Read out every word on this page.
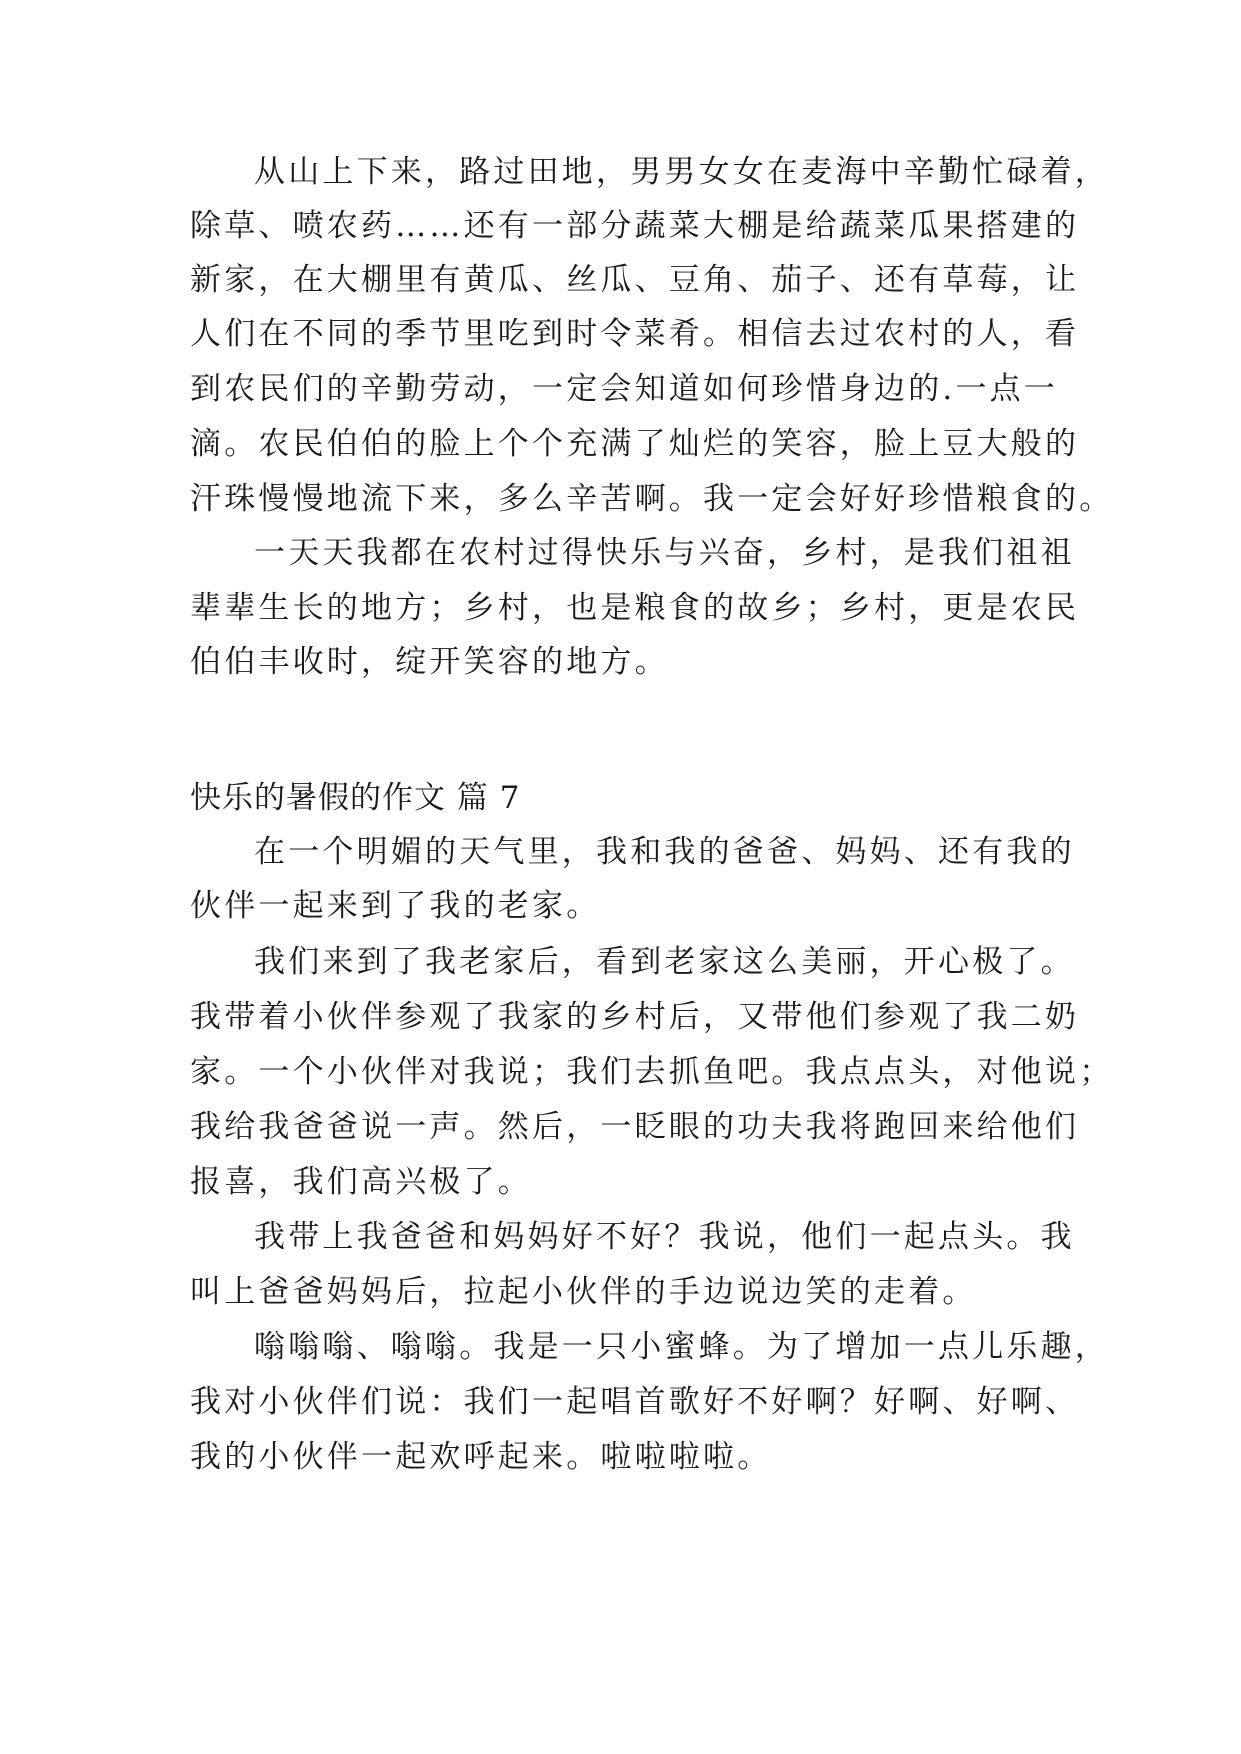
从山上下来，路过田地，男男女女在麦海中辛勤忙碌着，
除草、喷农药……还有一部分蔬菜大棚是给蔬菜瓜果搭建的
新家，在大棚里有黄瓜、丝瓜、豆角、茄子、还有草莓，让
人们在不同的季节里吃到时令菜肴。相信去过农村的人，看
到农民们的辛勤劳动，一定会知道如何珍惜身边的.一点一
滴。农民伯伯的脸上个个充满了灿烂的笑容，脸上豆大般的
汗珠慢慢地流下来，多么辛苦啊。我一定会好好珍惜粮食的。
一天天我都在农村过得快乐与兴奋，乡村，是我们祖祖
辈辈生长的地方；乡村，也是粮食的故乡；乡村，更是农民
伯伯丰收时，绽开笑容的地方。
快乐的暑假的作文 篇 7
在一个明媚的天气里，我和我的爸爸、妈妈、还有我的
伙伴一起来到了我的老家。
我们来到了我老家后，看到老家这么美丽，开心极了。
我带着小伙伴参观了我家的乡村后，又带他们参观了我二奶
家。一个小伙伴对我说；我们去抓鱼吧。我点点头，对他说；
我给我爸爸说一声。然后，一眨眼的功夫我将跑回来给他们
报喜，我们高兴极了。
我带上我爸爸和妈妈好不好？我说，他们一起点头。我
叫上爸爸妈妈后，拉起小伙伴的手边说边笑的走着。
嗡嗡嗡、嗡嗡。我是一只小蜜蜂。为了增加一点儿乐趣，
我对小伙伴们说：我们一起唱首歌好不好啊？好啊、好啊、
我的小伙伴一起欢呼起来。啦啦啦啦。
